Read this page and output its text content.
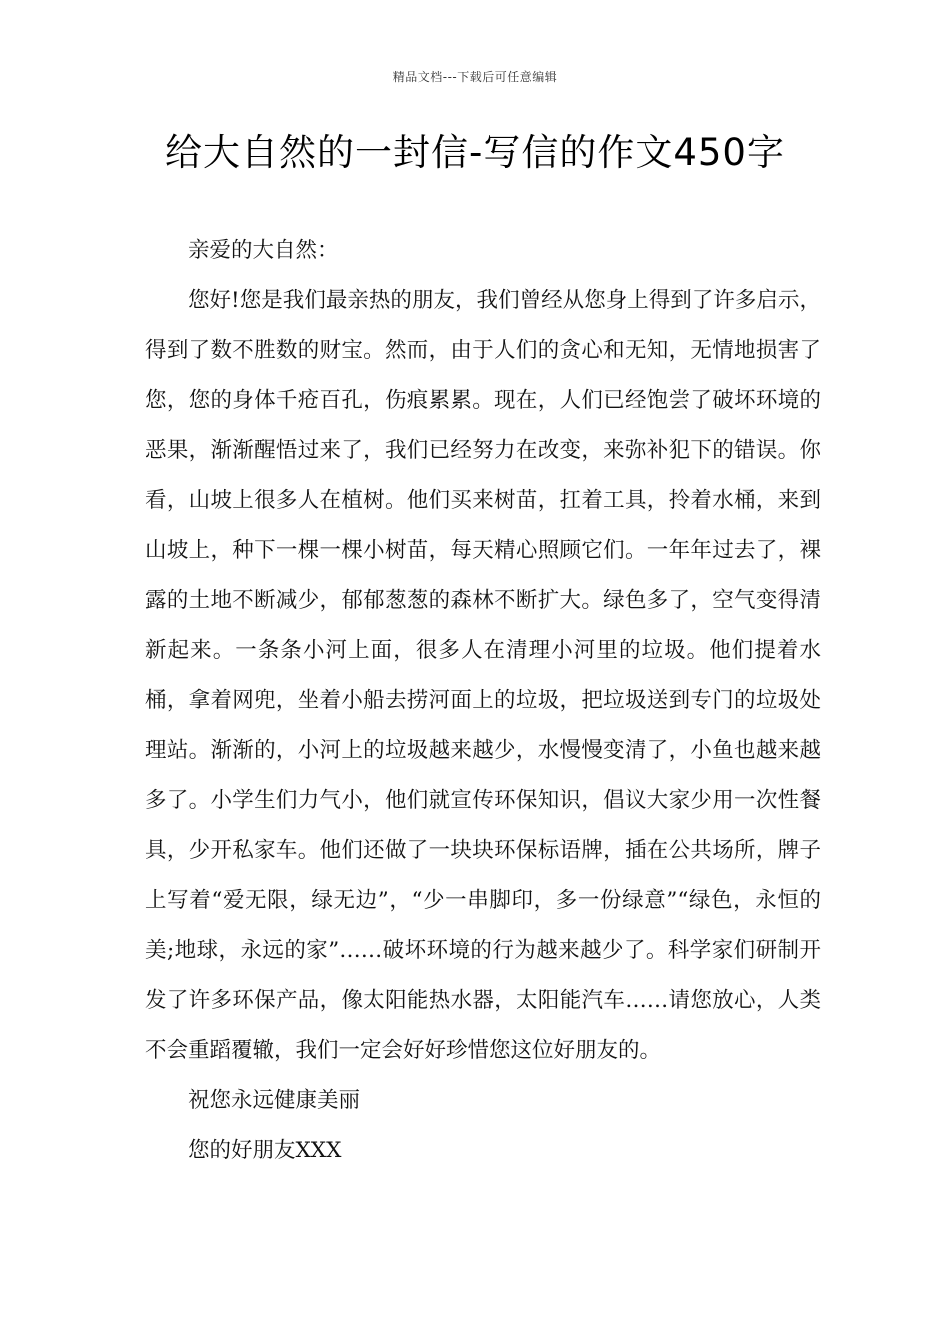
精品文档---下载后可任意编辑
给大自然的一封信-写信的作文450字

亲爱的大自然：

您好!您是我们最亲热的朋友，我们曾经从您身上得到了许多启示，得到了数不胜数的财宝。然而，由于人们的贪心和无知，无情地损害了您，您的身体千疮百孔，伤痕累累。现在，人们已经饱尝了破坏环境的恶果，渐渐醒悟过来了，我们已经努力在改变，来弥补犯下的错误。你看，山坡上很多人在植树。他们买来树苗，扛着工具，拎着水桶，来到山坡上，种下一棵一棵小树苗，每天精心照顾它们。一年年过去了，裸露的土地不断减少，郁郁葱葱的森林不断扩大。绿色多了，空气变得清新起来。一条条小河上面，很多人在清理小河里的垃圾。他们提着水桶，拿着网兜，坐着小船去捞河面上的垃圾，把垃圾送到专门的垃圾处理站。渐渐的，小河上的垃圾越来越少，水慢慢变清了，小鱼也越来越多了。小学生们力气小，他们就宣传环保知识，倡议大家少用一次性餐具，少开私家车。他们还做了一块块环保标语牌，插在公共场所，牌子上写着“爱无限，绿无边”，“少一串脚印，多一份绿意”“绿色，永恒的美;地球，永远的家”……破坏环境的行为越来越少了。科学家们研制开发了许多环保产品，像太阳能热水器，太阳能汽车……请您放心，人类不会重蹈覆辙，我们一定会好好珍惜您这位好朋友的。

祝您永远健康美丽

您的好朋友XXX
